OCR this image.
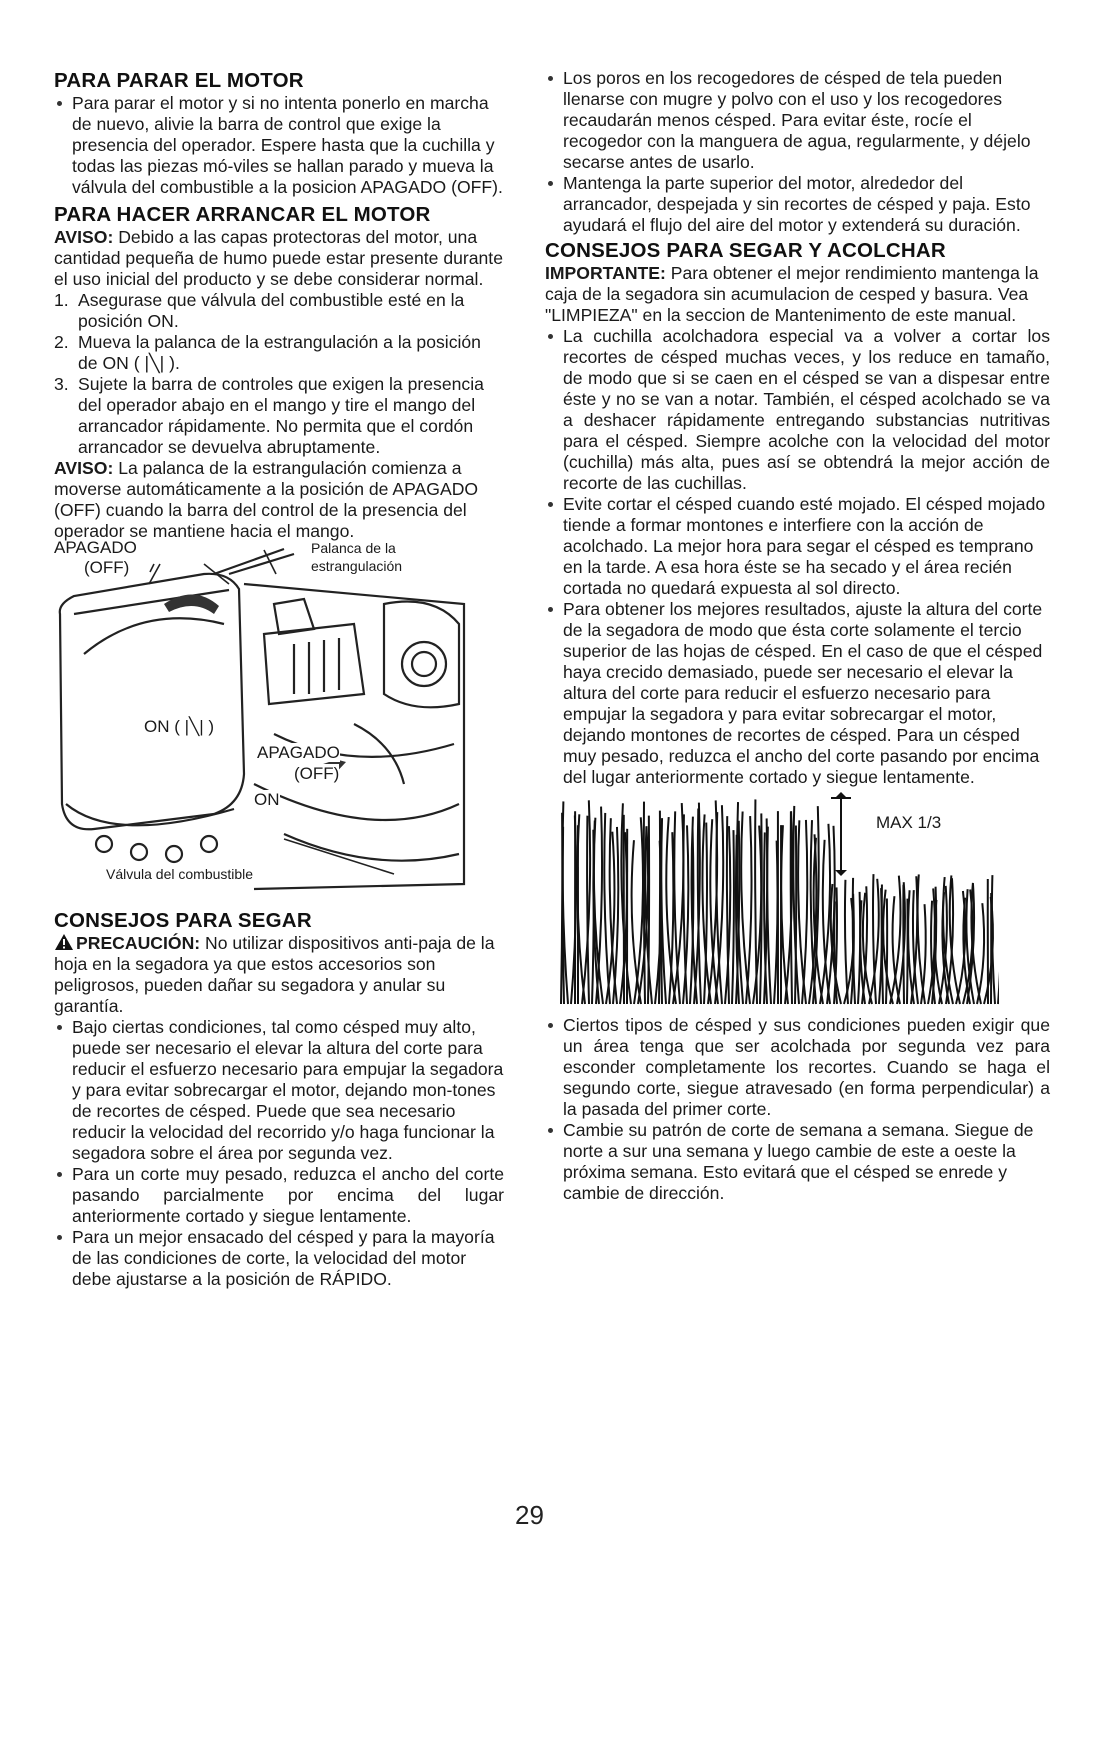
PARA PARAR EL MOTOR
Para parar el motor y si no intenta ponerlo en marcha de nuevo, alivie la barra de control que exige la presencia del operador. Espere hasta que la cuchilla y todas las piezas mó-viles se hallan parado y mueva la válvula del combustible a la posicion APAGADO (OFF).
PARA HACER ARRANCAR EL MOTOR
AVISO: Debido a las capas protectoras del motor, una cantidad pequeña de humo puede estar presente durante el uso inicial del producto y se debe considerar normal.
1. Asegurase que válvula del combustible esté en la posición ON.
2. Mueva la palanca de la estrangulación a la posición de ON ( |╲| ).
3. Sujete la barra de controles que exigen la presencia del operador abajo en el mango y tire el mango del arrancador rápidamente. No permita que el cordón arrancador se devuelva abruptamente.
AVISO: La palanca de la estrangulación comienza a moverse automáticamente a la posición de APAGADO (OFF) cuando la barra del control de la presencia del operador se mantiene hacia el mango.
APAGADO
(OFF)
Palanca de la
estrangulación
ON ( |╲| )
APAGADO
(OFF)
ON
Válvula del combustible
CONSEJOS PARA SEGAR
PRECAUCIÓN: No utilizar dispositivos anti-paja de la hoja en la segadora ya que estos accesorios son peligrosos, pueden dañar su segadora y anular su garantía.
Bajo ciertas condiciones, tal como césped muy alto, puede ser necesario el elevar la altura del corte para reducir el esfuerzo necesario para empujar la segadora y para evitar sobrecargar el motor, dejando mon-tones de recortes de césped. Puede que sea necesario reducir la velocidad del recorrido y/o haga funcionar la segadora sobre el área por segunda vez.
Para un corte muy pesado, reduzca el ancho del corte pasando parcialmente por encima del lugar anteriormente cortado y siegue lentamente.
Para un mejor ensacado del césped y para la mayoría de las condiciones de corte, la velocidad del motor debe ajustarse a la posición de RÁPIDO.
Los poros en los recogedores de césped de tela pueden llenarse con mugre y polvo con el uso y los recogedores recaudarán menos césped. Para evitar éste, rocíe el recogedor con la manguera de agua, regularmente, y déjelo secarse antes de usarlo.
Mantenga la parte superior del motor, alrededor del arrancador, despejada y sin recortes de césped y paja. Esto ayudará el flujo del aire del motor y extenderá su duración.
CONSEJOS PARA SEGAR Y ACOLCHAR
IMPORTANTE: Para obtener el mejor rendimiento mantenga la caja de la segadora sin acumulacion de cesped y basura. Vea "LIMPIEZA" en la seccion de Mantenimento de este manual.
La cuchilla acolchadora especial va a volver a cortar los recortes de césped muchas veces, y los reduce en tamaño, de modo que si se caen en el césped se van a dispesar entre éste y no se van a notar. También, el césped acolchado se va a deshacer rápidamente entregando substancias nutritivas para el césped. Siempre acolche con la velocidad del motor (cuchilla) más alta, pues así se obtendrá la mejor acción de recorte de las cuchillas.
Evite cortar el césped cuando esté mojado. El césped mojado tiende a formar montones e interfiere con la acción de acolchado. La mejor hora para segar el césped es temprano en la tarde. A esa hora éste se ha secado y el área recién cortada no quedará expuesta al sol directo.
Para obtener los mejores resultados, ajuste la altura del corte de la segadora de modo que ésta corte solamente el tercio superior de las hojas de césped. En el caso de que el césped haya crecido demasiado, puede ser necesario el elevar la altura del corte para reducir el esfuerzo necesario para empujar la segadora y para evitar sobrecargar el motor, dejando montones de recortes de césped. Para un césped muy pesado, reduzca el ancho del corte pasando por encima del lugar anteriormente cortado y siegue lentamente.
MAX 1/3
Ciertos tipos de césped y sus condiciones pueden exigir que un área tenga que ser acolchada por segunda vez para esconder completamente los recortes. Cuando se haga el segundo corte, siegue atravesado (en forma perpendicular) a la pasada del primer corte.
Cambie su patrón de corte de semana a semana. Siegue de norte a sur una semana y luego cambie de este a oeste la próxima semana. Esto evitará que el césped se enrede y cambie de dirección.
29
